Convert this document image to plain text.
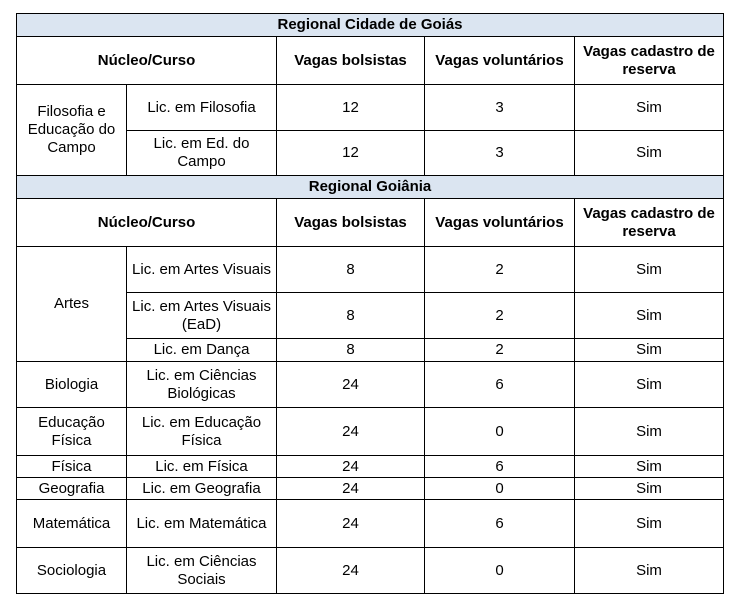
Regional Cidade de Goiás				
Núcleo/Curso		Vagas bolsistas	Vagas voluntários	Vagas cadastro de reserva
Filosofia e Educação do Campo	Lic. em Filosofia	12	3	Sim
	Lic. em Ed. do Campo	12	3	Sim
Regional Goiânia				
Núcleo/Curso		Vagas bolsistas	Vagas voluntários	Vagas cadastro de reserva
Artes	Lic. em Artes Visuais	8	2	Sim
	Lic. em Artes Visuais (EaD)	8	2	Sim
	Lic. em Dança	8	2	Sim
Biologia	Lic. em Ciências Biológicas	24	6	Sim
Educação Física	Lic. em Educação Física	24	0	Sim
Física	Lic. em Física	24	6	Sim
Geografia	Lic. em Geografia	24	0	Sim
Matemática	Lic. em Matemática	24	6	Sim
Sociologia	Lic. em Ciências Sociais	24	0	Sim
